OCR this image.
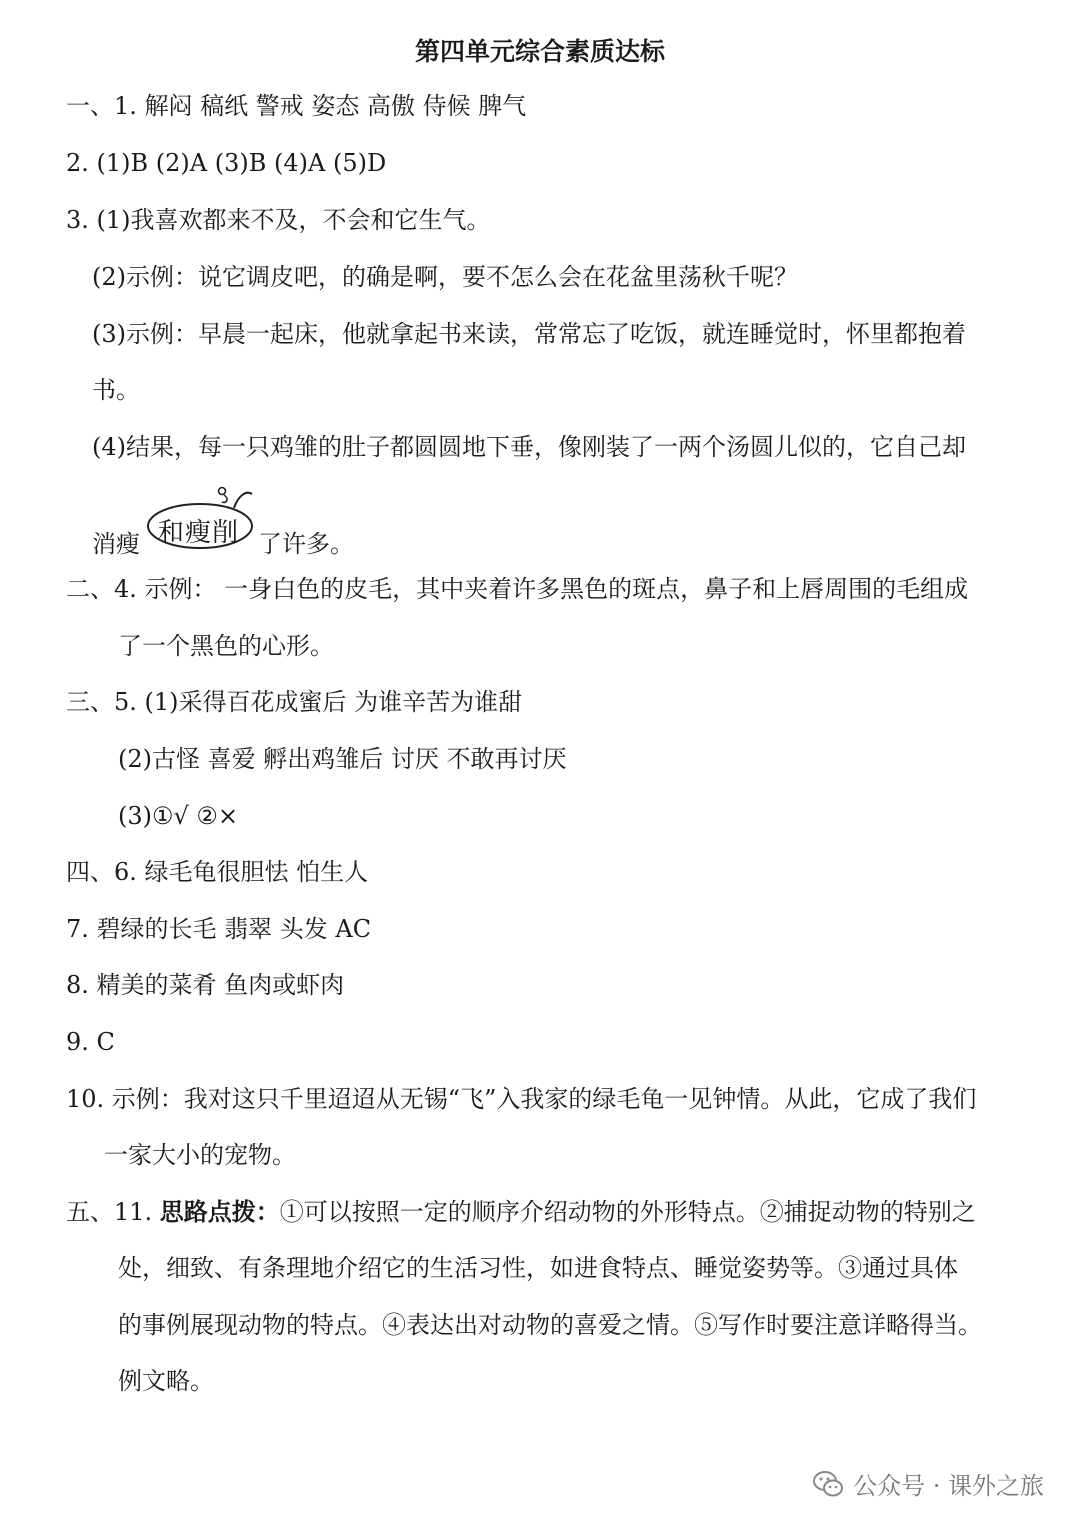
第四单元综合素质达标
一、1. 解闷 稿纸 警戒 姿态 高傲 侍候 脾气
2. (1)B (2)A (3)B (4)A (5)D
3. (1)我喜欢都来不及，不会和它生气。
(2)示例：说它调皮吧，的确是啊，要不怎么会在花盆里荡秋千呢？
(3)示例：早晨一起床，他就拿起书来读，常常忘了吃饭，就连睡觉时，怀里都抱着
书。
(4)结果，每一只鸡雏的肚子都圆圆地下垂，像刚装了一两个汤圆儿似的，它自己却
消瘦 和瘦削 了许多。
二、4. 示例： 一身白色的皮毛，其中夹着许多黑色的斑点，鼻子和上唇周围的毛组成
了一个黑色的心形。
三、5. (1)采得百花成蜜后 为谁辛苦为谁甜
(2)古怪 喜爱 孵出鸡雏后 讨厌 不敢再讨厌
(3)①√ ②×
四、6. 绿毛龟很胆怯 怕生人
7. 碧绿的长毛 翡翠 头发 AC
8. 精美的菜肴 鱼肉或虾肉
9. C
10. 示例：我对这只千里迢迢从无锡“飞”入我家的绿毛龟一见钟情。从此，它成了我们
一家大小的宠物。
五、11. 思路点拨：①可以按照一定的顺序介绍动物的外形特点。②捕捉动物的特别之
处，细致、有条理地介绍它的生活习性，如进食特点、睡觉姿势等。③通过具体
的事例展现动物的特点。④表达出对动物的喜爱之情。⑤写作时要注意详略得当。
例文略。
公众号 · 课外之旅
